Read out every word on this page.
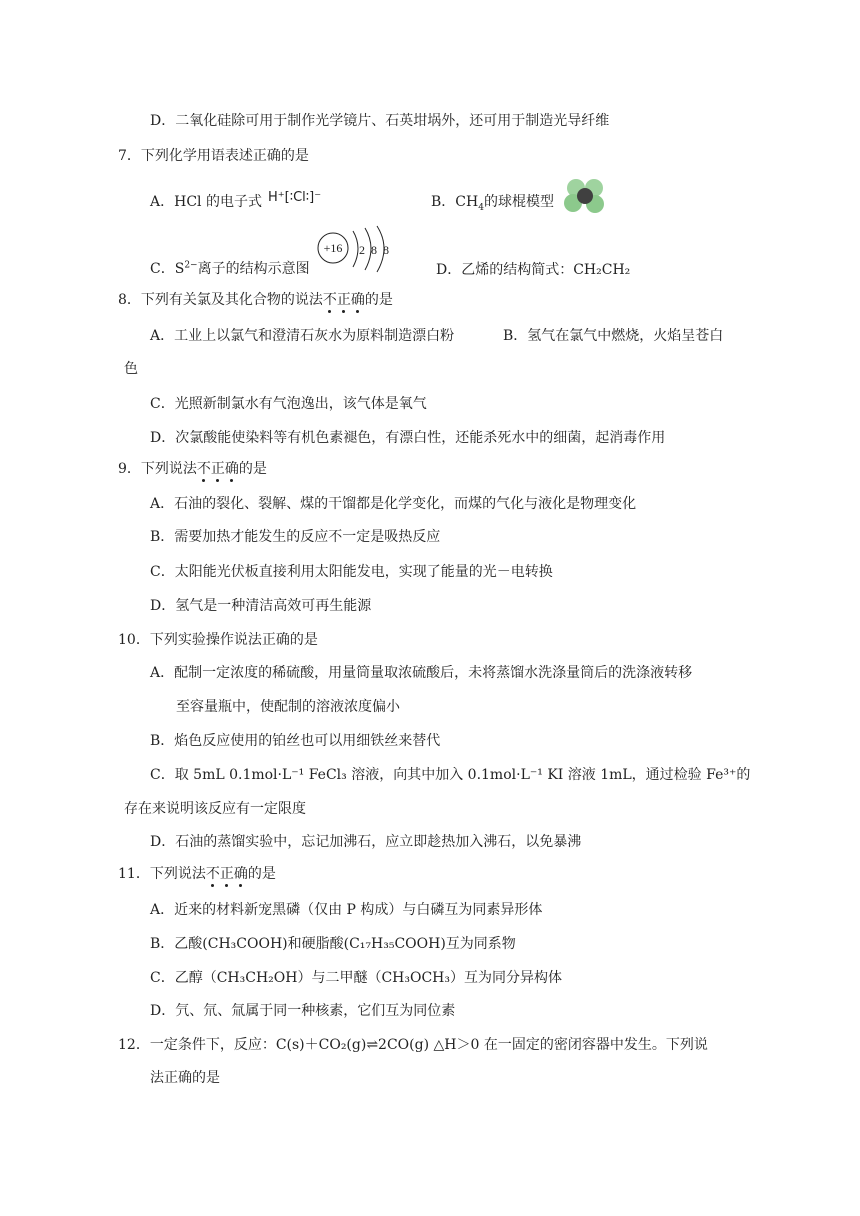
D．二氧化硅除可用于制作光学镜片、石英坩埚外，还可用于制造光导纤维
7．下列化学用语表述正确的是
A．HCl 的电子式 H⁺[∶Cl∶]⁻	B．$CH_4$的球棍模型
C．$S^{2-}$离子的结构示意图
+16 2 8 8
D．乙烯的结构简式：CH₂CH₂
8．下列有关氯及其化合物的说法不正确的是
A．工业上以氯气和澄清石灰水为原料制造漂白粉	B．氢气在氯气中燃烧，火焰呈苍白
色
C．光照新制氯水有气泡逸出，该气体是氧气
D．次氯酸能使染料等有机色素褪色，有漂白性，还能杀死水中的细菌，起消毒作用
9．下列说法不正确的是
A．石油的裂化、裂解、煤的干馏都是化学变化，而煤的气化与液化是物理变化
B．需要加热才能发生的反应不一定是吸热反应
C．太阳能光伏板直接利用太阳能发电，实现了能量的光－电转换
D．氢气是一种清洁高效可再生能源
10．下列实验操作说法正确的是
A．配制一定浓度的稀硫酸，用量筒量取浓硫酸后，未将蒸馏水洗涤量筒后的洗涤液转移
至容量瓶中，使配制的溶液浓度偏小
B．焰色反应使用的铂丝也可以用细铁丝来替代
C．取 5mL 0.1mol·L⁻¹ FeCl₃ 溶液，向其中加入 0.1mol·L⁻¹ KI 溶液 1mL，通过检验 Fe³⁺的
存在来说明该反应有一定限度
D．石油的蒸馏实验中，忘记加沸石，应立即趁热加入沸石，以免暴沸
11．下列说法不正确的是
A．近来的材料新宠黑磷（仅由 P 构成）与白磷互为同素异形体
B．乙酸(CH₃COOH)和硬脂酸(C₁₇H₃₅COOH)互为同系物
C．乙醇（CH₃CH₂OH）与二甲醚（CH₃OCH₃）互为同分异构体
D．氕、氘、氚属于同一种核素，它们互为同位素
12．一定条件下，反应：C(s)＋CO₂(g)⇌2CO(g) △H＞0 在一固定的密闭容器中发生。下列说
法正确的是
